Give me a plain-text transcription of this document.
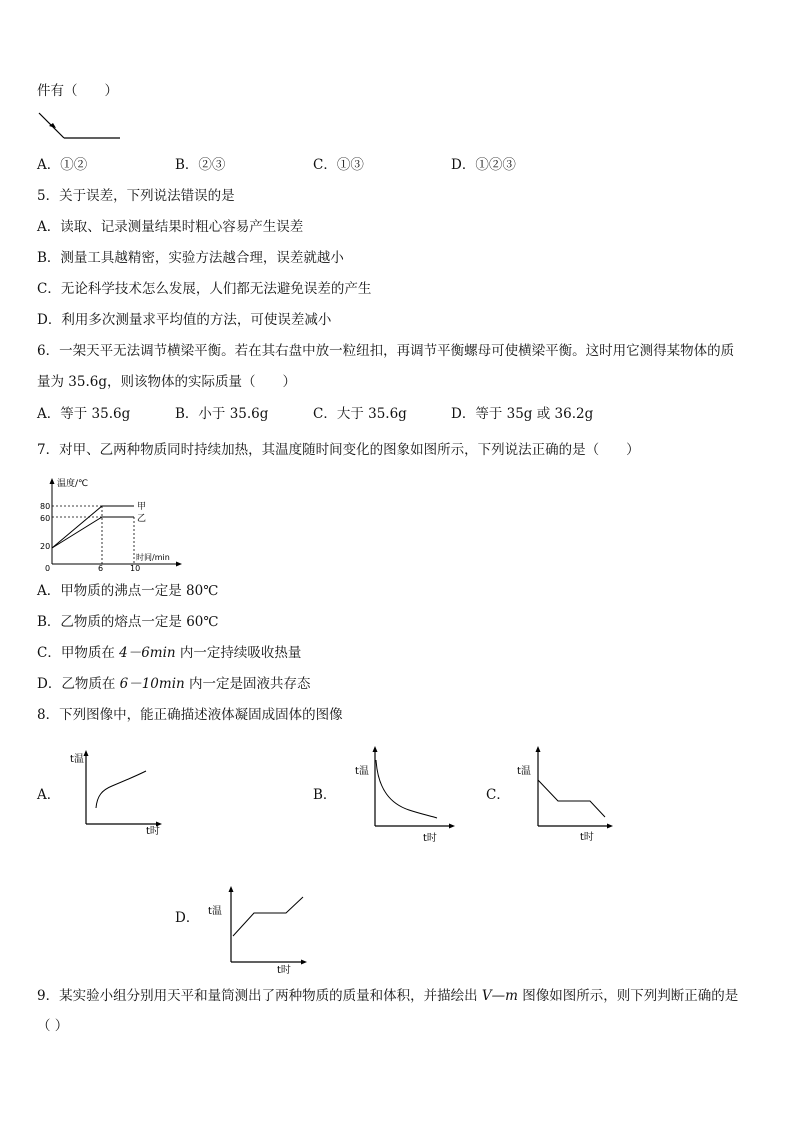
件有（　　）
A．①②	B．②③	C．①③	D．①②③
5．关于误差，下列说法错误的是
A．读取、记录测量结果时粗心容易产生误差
B．测量工具越精密，实验方法越合理，误差就越小
C．无论科学技术怎么发展，人们都无法避免误差的产生
D．利用多次测量求平均值的方法，可使误差减小
6．一架天平无法调节横梁平衡。若在其右盘中放一粒纽扣，再调节平衡螺母可使横梁平衡。这时用它测得某物体的质
量为 35.6g，则该物体的实际质量（　　）
A．等于 35.6g	B．小于 35.6g	C．大于 35.6g	D．等于 35g 或 36.2g
7．对甲、乙两种物质同时持续加热，其温度随时间变化的图象如图所示，下列说法正确的是（　　）
温度/℃
时间/min
80
60
20
0	6	10
甲
乙
A．甲物质的沸点一定是 80℃
B．乙物质的熔点一定是 60℃
C．甲物质在 4－6min 内一定持续吸收热量
D．乙物质在 6－10min 内一定是固液共存态
8．下列图像中，能正确描述液体凝固成固体的图像
A．
t温
t时
B．
t温
t时
C．
t温
t时
D． t温
t时
9．某实验小组分别用天平和量筒测出了两种物质的质量和体积，并描绘出 V—m 图像如图所示，则下列判断正确的是
（ ）
